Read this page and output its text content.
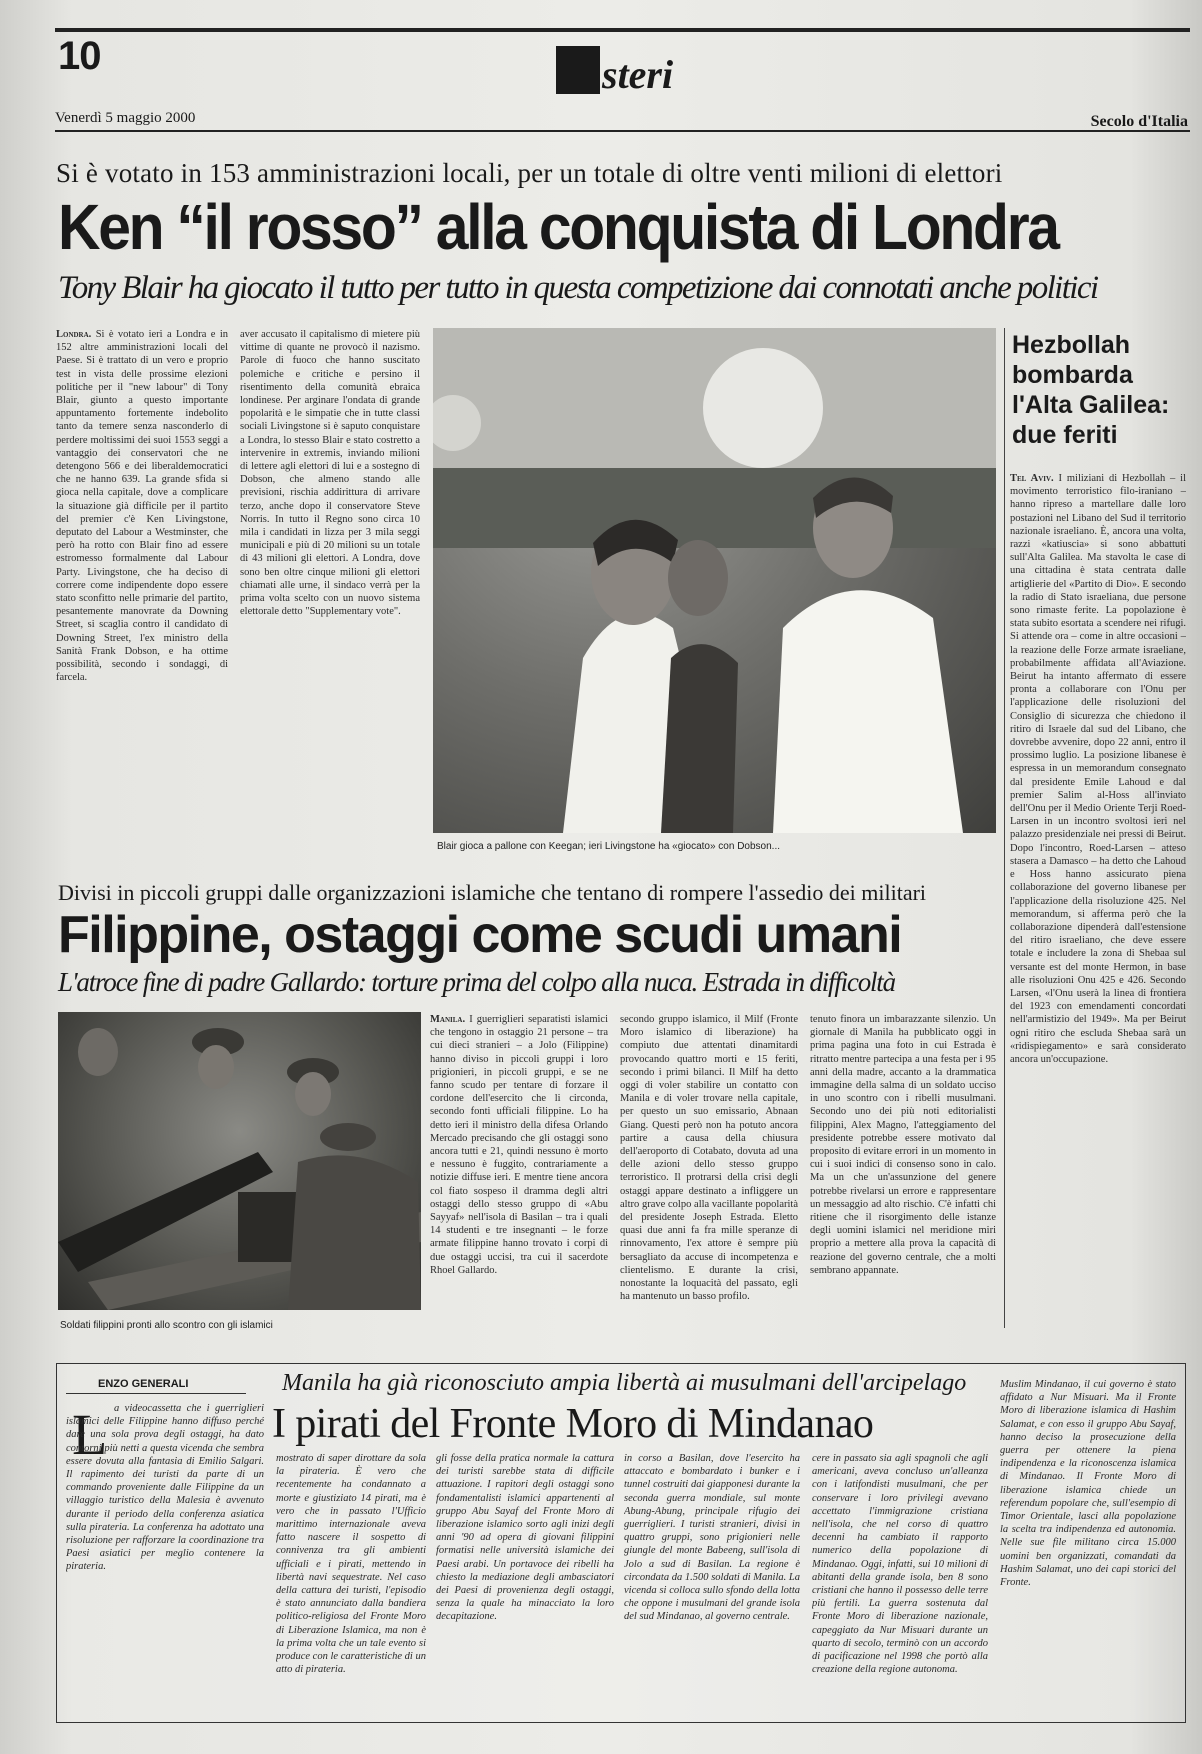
10	steri
Venerdì 5 maggio 2000	Secolo d'Italia
Si è votato in 153 amministrazioni locali, per un totale di oltre venti milioni di elettori
Ken “il rosso” alla conquista di Londra
Tony Blair ha giocato il tutto per tutto in questa competizione dai connotati anche politici
Londra. Si è votato ieri a Londra e in 152 altre amministrazioni locali del Paese. Si è trattato di un vero e proprio test in vista delle prossime elezioni politiche per il "new labour" di Tony Blair, giunto a questo importante appuntamento fortemente indebolito tanto da temere senza nasconderlo di perdere moltissimi dei suoi 1553 seggi a vantaggio dei conservatori che ne detengono 566 e dei liberaldemocratici che ne hanno 639. La grande sfida si gioca nella capitale, dove a complicare la situazione già difficile per il partito del premier c'è Ken Livingstone, deputato del Labour a Westminster, che però ha rotto con Blair fino ad essere estromesso formalmente dal Labour Party. Livingstone, che ha deciso di correre come indipendente dopo essere stato sconfitto nelle primarie del partito, pesantemente manovrate da Downing Street, si scaglia contro il candidato di Downing Street, l'ex ministro della Sanità Frank Dobson, e ha ottime possibilità, secondo i sondaggi, di farcela.
aver accusato il capitalismo di mietere più vittime di quante ne provocò il nazismo. Parole di fuoco che hanno suscitato polemiche e critiche e persino il risentimento della comunità ebraica londinese. Per arginare l'ondata di grande popolarità e le simpatie che in tutte classi sociali Livingstone si è saputo conquistare a Londra, lo stesso Blair e stato costretto a intervenire in extremis, inviando milioni di lettere agli elettori di lui e a sostegno di Dobson, che almeno stando alle previsioni, rischia addirittura di arrivare terzo, anche dopo il conservatore Steve Norris. In tutto il Regno sono circa 10 mila i candidati in lizza per 3 mila seggi municipali e più di 20 milioni su un totale di 43 milioni gli elettori. A Londra, dove sono ben oltre cinque milioni gli elettori chiamati alle urne, il sindaco verrà per la prima volta scelto con un nuovo sistema elettorale detto "Supplementary vote".
Blair gioca a pallone con Keegan; ieri Livingstone ha «giocato» con Dobson...
Hezbollah bombarda l'Alta Galilea: due feriti
Tel Aviv. I miliziani di Hezbollah – il movimento terroristico filo-iraniano – hanno ripreso a martellare dalle loro postazioni nel Libano del Sud il territorio nazionale israeliano. È, ancora una volta, razzi «katiuscia» si sono abbattuti sull'Alta Galilea. Ma stavolta le case di una cittadina è stata centrata dalle artiglierie del «Partito di Dio». E secondo la radio di Stato israeliana, due persone sono rimaste ferite. La popolazione è stata subito esortata a scendere nei rifugi. Si attende ora – come in altre occasioni – la reazione delle Forze armate israeliane, probabilmente affidata all'Aviazione. Beirut ha intanto affermato di essere pronta a collaborare con l'Onu per l'applicazione delle risoluzioni del Consiglio di sicurezza che chiedono il ritiro di Israele dal sud del Libano, che dovrebbe avvenire, dopo 22 anni, entro il prossimo luglio. La posizione libanese è espressa in un memorandum consegnato dal presidente Emile Lahoud e dal premier Salim al-Hoss all'inviato dell'Onu per il Medio Oriente Terji Roed-Larsen in un incontro svoltosi ieri nel palazzo presidenziale nei pressi di Beirut. Dopo l'incontro, Roed-Larsen – atteso stasera a Damasco – ha detto che Lahoud e Hoss hanno assicurato piena collaborazione del governo libanese per l'applicazione della risoluzione 425. Nel memorandum, si afferma però che la collaborazione dipenderà dall'estensione del ritiro israeliano, che deve essere totale e includere la zona di Shebaa sul versante est del monte Hermon, in base alle risoluzioni Onu 425 e 426. Secondo Larsen, «l'Onu userà la linea di frontiera del 1923 con emendamenti concordati nell'armistizio del 1949». Ma per Beirut ogni ritiro che escluda Shebaa sarà un «ridispiegamento» e sarà considerato ancora un'occupazione.
Divisi in piccoli gruppi dalle organizzazioni islamiche che tentano di rompere l'assedio dei militari
Filippine, ostaggi come scudi umani
L'atroce fine di padre Gallardo: torture prima del colpo alla nuca. Estrada in difficoltà
Soldati filippini pronti allo scontro con gli islamici
Manila. I guerriglieri separatisti islamici che tengono in ostaggio 21 persone – tra cui dieci stranieri – a Jolo (Filippine) hanno diviso in piccoli gruppi i loro prigionieri, in piccoli gruppi, e se ne fanno scudo per tentare di forzare il cordone dell'esercito che li circonda, secondo fonti ufficiali filippine. Lo ha detto ieri il ministro della difesa Orlando Mercado precisando che gli ostaggi sono ancora tutti e 21, quindi nessuno è morto e nessuno è fuggito, contrariamente a notizie diffuse ieri. E mentre tiene ancora col fiato sospeso il dramma degli altri ostaggi dello stesso gruppo di «Abu Sayyaf» nell'isola di Basilan – tra i quali 14 studenti e tre insegnanti – le forze armate filippine hanno trovato i corpi di due ostaggi uccisi, tra cui il sacerdote Rhoel Gallardo.
secondo gruppo islamico, il Milf (Fronte Moro islamico di liberazione) ha compiuto due attentati dinamitardi provocando quattro morti e 15 feriti, secondo i primi bilanci. Il Milf ha detto oggi di voler stabilire un contatto con Manila e di voler trovare nella capitale, per questo un suo emissario, Abnaan Giang. Questi però non ha potuto ancora partire a causa della chiusura dell'aeroporto di Cotabato, dovuta ad una delle azioni dello stesso gruppo terroristico. Il protrarsi della crisi degli ostaggi appare destinato a infliggere un altro grave colpo alla vacillante popolarità del presidente Joseph Estrada. Eletto quasi due anni fa fra mille speranze di rinnovamento, l'ex attore è sempre più bersagliato da accuse di incompetenza e clientelismo. E durante la crisi, nonostante la loquacità del passato, egli ha mantenuto un basso profilo.
tenuto finora un imbarazzante silenzio. Un giornale di Manila ha pubblicato oggi in prima pagina una foto in cui Estrada è ritratto mentre partecipa a una festa per i 95 anni della madre, accanto a la drammatica immagine della salma di un soldato ucciso in uno scontro con i ribelli musulmani. Secondo uno dei più noti editorialisti filippini, Alex Magno, l'atteggiamento del presidente potrebbe essere motivato dal proposito di evitare errori in un momento in cui i suoi indici di consenso sono in calo. Ma un che un'assunzione del genere potrebbe rivelarsi un errore e rappresentare un messaggio ad alto rischio. C'è infatti chi ritiene che il risorgimento delle istanze degli uomini islamici nel meridione miri proprio a mettere alla prova la capacità di reazione del governo centrale, che a molti sembrano appannate.
ENZO GENERALI	Manila ha già riconosciuto ampia libertà ai musulmani dell'arcipelago
I pirati del Fronte Moro di Mindanao
L a videocassetta che i guerriglieri islamici delle Filippine hanno diffuso perché dare una sola prova degli ostaggi, ha dato contorni più netti a questa vicenda che sembra essere dovuta alla fantasia di Emilio Salgari. Il rapimento dei turisti da parte di un commando proveniente dalle Filippine da un villaggio turistico della Malesia è avvenuto durante il periodo della conferenza asiatica sulla pirateria. La conferenza ha adottato una risoluzione per rafforzare la coordinazione tra Paesi asiatici per meglio contenere la pirateria.
mostrato di saper dirottare da sola la pirateria. È vero che recentemente ha condannato a morte e giustiziato 14 pirati, ma è vero che in passato l'Ufficio marittimo internazionale aveva fatto nascere il sospetto di connivenza tra gli ambienti ufficiali e i pirati, mettendo in libertà navi sequestrate. Nel caso della cattura dei turisti, l'episodio è stato annunciato dalla bandiera politico-religiosa del Fronte Moro di Liberazione Islamica, ma non è la prima volta che un tale evento si produce con le caratteristiche di un atto di pirateria.
gli fosse della pratica normale la cattura dei turisti sarebbe stata di difficile attuazione. I rapitori degli ostaggi sono fondamentalisti islamici appartenenti al gruppo Abu Sayaf del Fronte Moro di liberazione islamico sorto agli inizi degli anni '90 ad opera di giovani filippini formatisi nelle università islamiche dei Paesi arabi. Un portavoce dei ribelli ha chiesto la mediazione degli ambasciatori dei Paesi di provenienza degli ostaggi, senza la quale ha minacciato la loro decapitazione.
in corso a Basilan, dove l'esercito ha attaccato e bombardato i bunker e i tunnel costruiti dai giapponesi durante la seconda guerra mondiale, sul monte Abung-Abung, principale rifugio dei guerriglieri. I turisti stranieri, divisi in quattro gruppi, sono prigionieri nelle giungle del monte Babeeng, sull'isola di Jolo a sud di Basilan. La regione è circondata da 1.500 soldati di Manila. La vicenda si colloca sullo sfondo della lotta che oppone i musulmani del grande isola del sud Mindanao, al governo centrale.
cere in passato sia agli spagnoli che agli americani, aveva concluso un'alleanza con i latifondisti musulmani, che per conservare i loro privilegi avevano accettato l'immigrazione cristiana nell'isola, che nel corso di quattro decenni ha cambiato il rapporto numerico della popolazione di Mindanao. Oggi, infatti, sui 10 milioni di abitanti della grande isola, ben 8 sono cristiani che hanno il possesso delle terre più fertili. La guerra sostenuta dal Fronte Moro di liberazione nazionale, capeggiato da Nur Misuari durante un quarto di secolo, terminò con un accordo di pacificazione nel 1998 che portò alla creazione della regione autonoma.
Muslim Mindanao, il cui governo è stato affidato a Nur Misuari. Ma il Fronte Moro di liberazione islamica di Hashim Salamat, e con esso il gruppo Abu Sayaf, hanno deciso la prosecuzione della guerra per ottenere la piena indipendenza e la riconoscenza islamica di Mindanao. Il Fronte Moro di liberazione islamica chiede un referendum popolare che, sull'esempio di Timor Orientale, lasci alla popolazione la scelta tra indipendenza ed autonomia. Nelle sue file militano circa 15.000 uomini ben organizzati, comandati da Hashim Salamat, uno dei capi storici del Fronte.
